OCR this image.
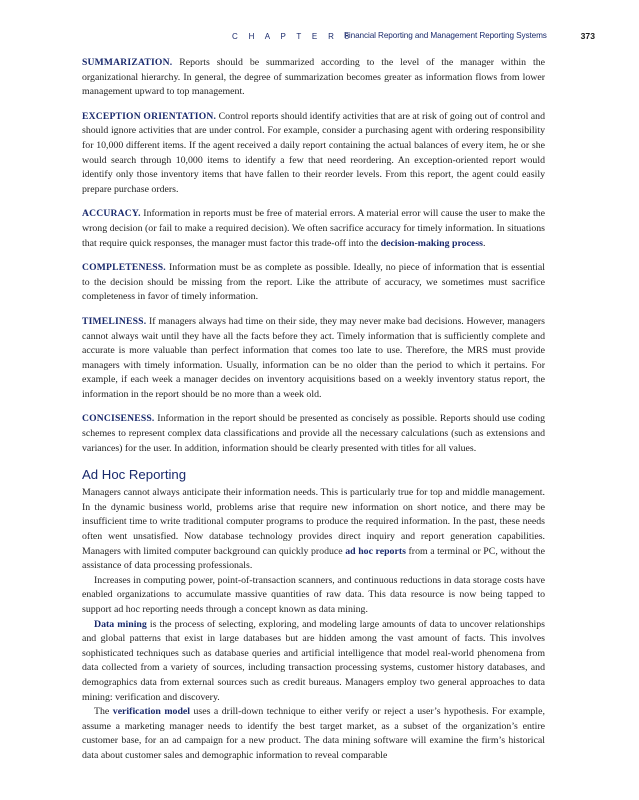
C H A P T E R 8
Financial Reporting and Management Reporting Systems	373

SUMMARIZATION. Reports should be summarized according to the level of the manager within the organizational hierarchy. In general, the degree of summarization becomes greater as information flows from lower management upward to top management.

EXCEPTION ORIENTATION. Control reports should identify activities that are at risk of going out of control and should ignore activities that are under control. For example, consider a purchasing agent with ordering responsibility for 10,000 different items. If the agent received a daily report containing the actual balances of every item, he or she would search through 10,000 items to identify a few that need reordering. An exception-oriented report would identify only those inventory items that have fallen to their reorder levels. From this report, the agent could easily prepare purchase orders.

ACCURACY. Information in reports must be free of material errors. A material error will cause the user to make the wrong decision (or fail to make a required decision). We often sacrifice accuracy for timely information. In situations that require quick responses, the manager must factor this trade-off into the decision-making process.

COMPLETENESS. Information must be as complete as possible. Ideally, no piece of information that is essential to the decision should be missing from the report. Like the attribute of accuracy, we sometimes must sacrifice completeness in favor of timely information.

TIMELINESS. If managers always had time on their side, they may never make bad decisions. However, managers cannot always wait until they have all the facts before they act. Timely information that is sufficiently complete and accurate is more valuable than perfect information that comes too late to use. Therefore, the MRS must provide managers with timely information. Usually, information can be no older than the period to which it pertains. For example, if each week a manager decides on inventory acquisitions based on a weekly inventory status report, the information in the report should be no more than a week old.

CONCISENESS. Information in the report should be presented as concisely as possible. Reports should use coding schemes to represent complex data classifications and provide all the necessary calculations (such as extensions and variances) for the user. In addition, information should be clearly presented with titles for all values.

Ad Hoc Reporting

Managers cannot always anticipate their information needs. This is particularly true for top and middle management. In the dynamic business world, problems arise that require new information on short notice, and there may be insufficient time to write traditional computer programs to produce the required information. In the past, these needs often went unsatisfied. Now database technology provides direct inquiry and report generation capabilities. Managers with limited computer background can quickly produce ad hoc reports from a terminal or PC, without the assistance of data processing professionals.

Increases in computing power, point-of-transaction scanners, and continuous reductions in data storage costs have enabled organizations to accumulate massive quantities of raw data. This data resource is now being tapped to support ad hoc reporting needs through a concept known as data mining.

Data mining is the process of selecting, exploring, and modeling large amounts of data to uncover relationships and global patterns that exist in large databases but are hidden among the vast amount of facts. This involves sophisticated techniques such as database queries and artificial intelligence that model real-world phenomena from data collected from a variety of sources, including transaction processing systems, customer history databases, and demographics data from external sources such as credit bureaus. Managers employ two general approaches to data mining: verification and discovery.

The verification model uses a drill-down technique to either verify or reject a user’s hypothesis. For example, assume a marketing manager needs to identify the best target market, as a subset of the organization’s entire customer base, for an ad campaign for a new product. The data mining software will examine the firm’s historical data about customer sales and demographic information to reveal comparable
